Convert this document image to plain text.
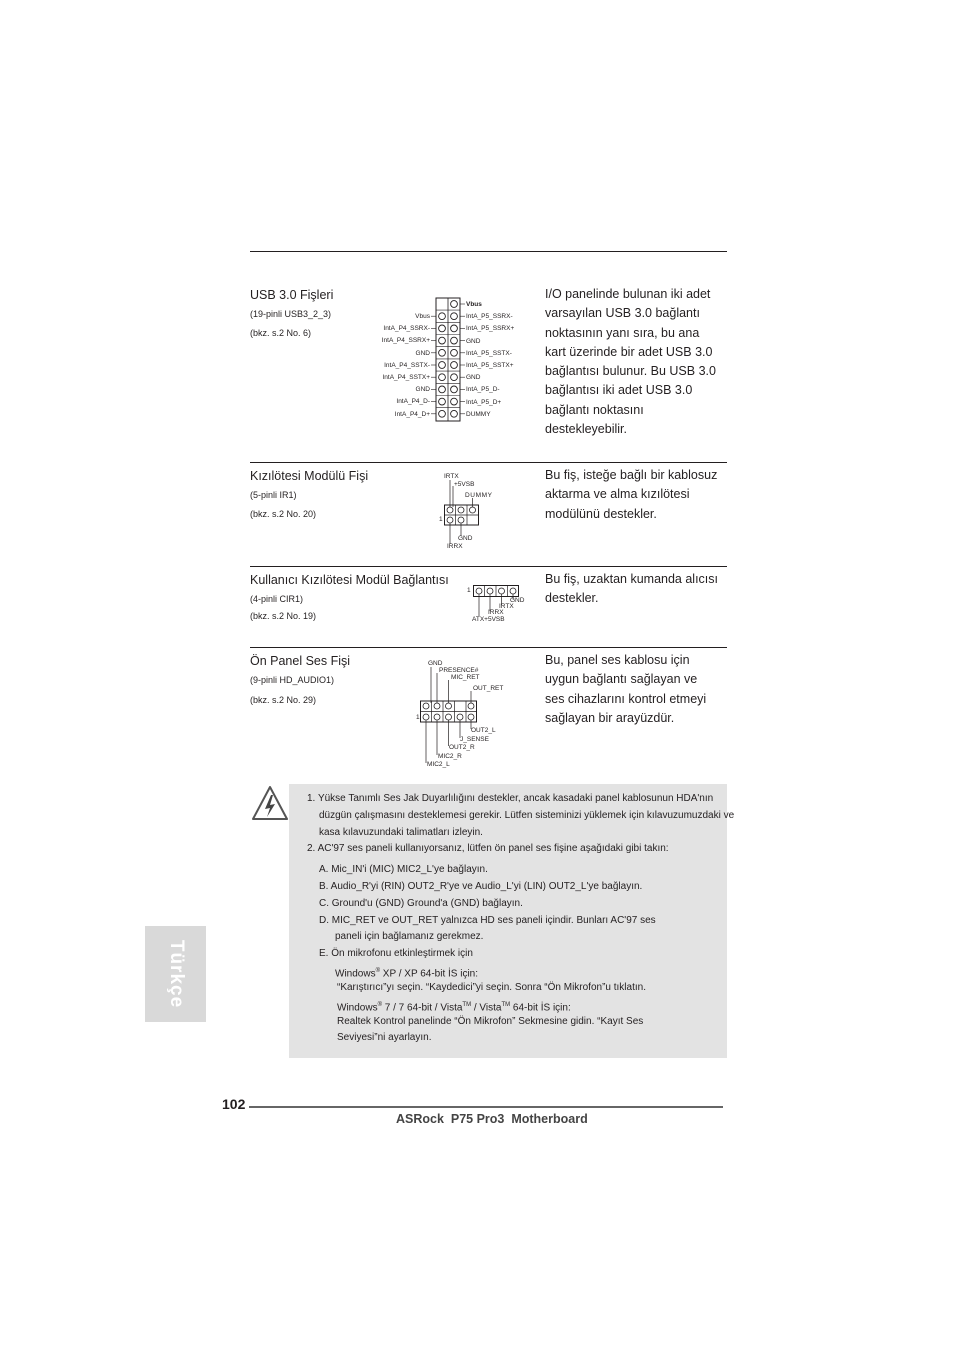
USB 3.0 Fişleri
(19-pinli USB3_2_3)
(bkz. s.2 No. 6)
Vbus
IntA_P4_SSRX-
IntA_P4_SSRX+
GND
IntA_P4_SSTX-
IntA_P4_SSTX+
GND
IntA_P4_D-
IntA_P4_D+
Vbus
IntA_P5_SSRX-
IntA_P5_SSRX+
GND
IntA_P5_SSTX-
IntA_P5_SSTX+
GND
IntA_P5_D-
IntA_P5_D+
DUMMY
I/O panelinde bulunan iki adet
varsayılan USB 3.0 bağlantı
noktasının yanı sıra, bu ana
kart üzerinde bir adet USB 3.0
bağlantısı bulunur. Bu USB 3.0
bağlantısı iki adet USB 3.0
bağlantı noktasını
destekleyebilir.
Kızılötesi Modülü Fişi
(5-pinli IR1)
(bkz. s.2 No. 20)
IRTX
+5VSB
DUMMY
GND
IRRX
1
Bu fiş, isteğe bağlı bir kablosuz
aktarma ve alma kızılötesi
modülünü destekler.
Kullanıcı Kızılötesi Modül Bağlantısı
(4-pinli CIR1)
(bkz. s.2 No. 19)
1
GND
IRTX
IRRX
ATX+5VSB
Bu fiş, uzaktan kumanda alıcısı
destekler.
Ön Panel Ses Fişi
(9-pinli HD_AUDIO1)
(bkz. s.2 No. 29)
GND
PRESENCE#
MIC_RET
OUT_RET
1
OUT2_L
J_SENSE
OUT2_R
MIC2_R
MIC2_L
Bu, panel ses kablosu için
uygun bağlantı sağlayan ve
ses cihazlarını kontrol etmeyi
sağlayan bir arayüzdür.
1. Yükse Tanımlı Ses Jak Duyarlılığını destekler, ancak kasadaki panel kablosunun HDA'nın düzgün çalışmasını desteklemesi gerekir. Lütfen sisteminizi yüklemek için kılavuzumuzdaki ve kasa kılavuzundaki talimatları izleyin.
2. AC'97 ses paneli kullanıyorsanız, lütfen ön panel ses fişine aşağıdaki gibi takın:
A. Mic_IN'i (MIC) MIC2_L'ye bağlayın.
B. Audio_R'yi (RIN) OUT2_R'ye ve Audio_L'yi (LIN) OUT2_L'ye bağlayın.
C. Ground'u (GND) Ground'a (GND) bağlayın.
D. MIC_RET ve OUT_RET yalnızca HD ses paneli içindir. Bunları AC'97 ses
paneli için bağlamanız gerekmez.
E. Ön mikrofonu etkinleştirmek için
Windows® XP / XP 64-bit İS için:
“Karıştırıcı”yı seçin. “Kaydedici”yi seçin. Sonra “Ön Mikrofon”u tıklatın.
Windows® 7 / 7 64-bit / Vista™ / Vista™ 64-bit İS için:
Realtek Kontrol panelinde “Ön Mikrofon” Sekmesine gidin. “Kayıt Ses
Seviyesi”ni ayarlayın.
Türkçe
102
ASRock  P75 Pro3  Motherboard
